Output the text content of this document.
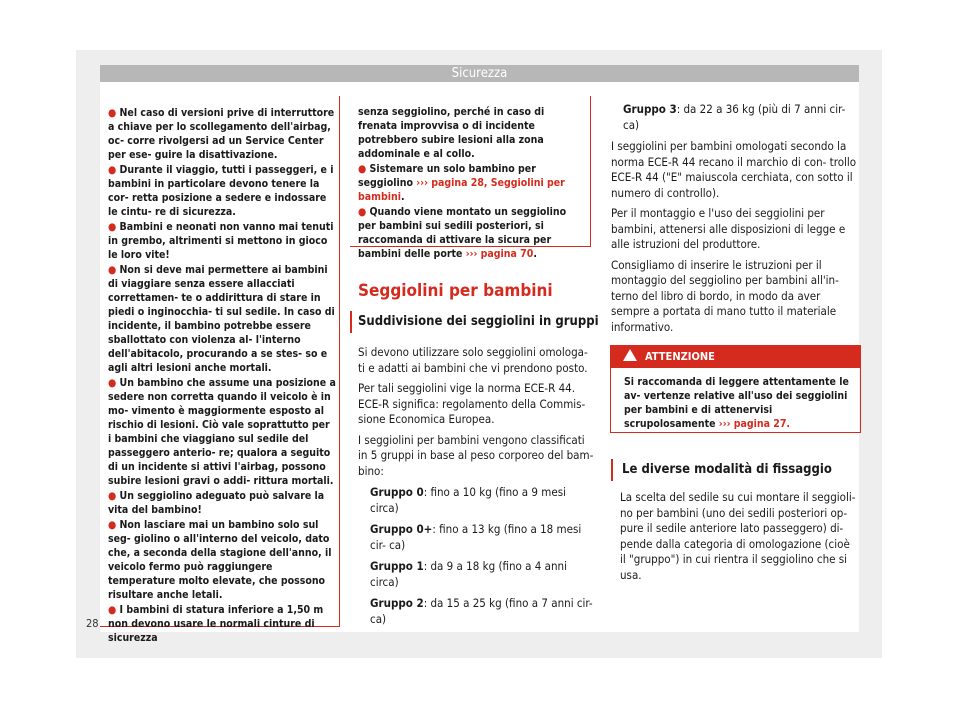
Sicurezza
● Nel caso di versioni prive di interruttore a chiave per lo scollegamento dell'airbag, oc- corre rivolgersi ad un Service Center per ese- guire la disattivazione.
● Durante il viaggio, tutti i passeggeri, e i bambini in particolare devono tenere la cor- retta posizione a sedere e indossare le cintu- re di sicurezza.
● Bambini e neonati non vanno mai tenuti in grembo, altrimenti si mettono in gioco le loro vite!
● Non si deve mai permettere ai bambini di viaggiare senza essere allacciati correttamen- te o addirittura di stare in piedi o inginocchia- ti sul sedile. In caso di incidente, il bambino potrebbe essere sballottato con violenza al- l'interno dell'abitacolo, procurando a se stes- so e agli altri lesioni anche mortali.
● Un bambino che assume una posizione a sedere non corretta quando il veicolo è in mo- vimento è maggiormente esposto al rischio di lesioni. Ciò vale soprattutto per i bambini che viaggiano sul sedile del passeggero anterio- re; qualora a seguito di un incidente si attivi l'airbag, possono subire lesioni gravi o addi- rittura mortali.
● Un seggiolino adeguato può salvare la vita del bambino!
● Non lasciare mai un bambino solo sul seg- giolino o all'interno del veicolo, dato che, a seconda della stagione dell'anno, il veicolo fermo può raggiungere temperature molto elevate, che possono risultare anche letali.
● I bambini di statura inferiore a 1,50 m non devono usare le normali cinture di sicurezza
senza seggiolino, perché in caso di frenata improvvisa o di incidente potrebbero subire lesioni alla zona addominale e al collo.
● Sistemare un solo bambino per seggiolino ››› pagina 28, Seggiolini per bambini.
● Quando viene montato un seggiolino per bambini sui sedili posteriori, si raccomanda di attivare la sicura per bambini delle porte ››› pagina 70.
Seggiolini per bambini
Suddivisione dei seggiolini in gruppi

Si devono utilizzare solo seggiolini omologa- ti e adatti ai bambini che vi prendono posto.

Per tali seggiolini vige la norma ECE-R 44. ECE-R significa: regolamento della Commis- sione Economica Europea.

I seggiolini per bambini vengono classificati in 5 gruppi in base al peso corporeo del bam- bino:

Gruppo 0: fino a 10 kg (fino a 9 mesi circa)
Gruppo 0+: fino a 13 kg (fino a 18 mesi cir- ca)
Gruppo 1: da 9 a 18 kg (fino a 4 anni circa)
Gruppo 2: da 15 a 25 kg (fino a 7 anni cir- ca)
Gruppo 3: da 22 a 36 kg (più di 7 anni cir- ca)

I seggiolini per bambini omologati secondo la norma ECE-R 44 recano il marchio di con- trollo ECE-R 44 ("E" maiuscola cerchiata, con sotto il numero di controllo).

Per il montaggio e l'uso dei seggiolini per bambini, attenersi alle disposizioni di legge e alle istruzioni del produttore.

Consigliamo di inserire le istruzioni per il montaggio del seggiolino per bambini all'in- terno del libro di bordo, in modo da aver sempre a portata di mano tutto il materiale informativo.

ATTENZIONE
Si raccomanda di leggere attentamente le av- vertenze relative all'uso dei seggiolini per bambini e di attenervisi scrupolosamente ››› pagina 27.
Le diverse modalità di fissaggio
La scelta del sedile su cui montare il seggioli- no per bambini (uno dei sedili posteriori op- pure il sedile anteriore lato passeggero) di- pende dalla categoria di omologazione (cioè il "gruppo") in cui rientra il seggiolino che si usa.
28
